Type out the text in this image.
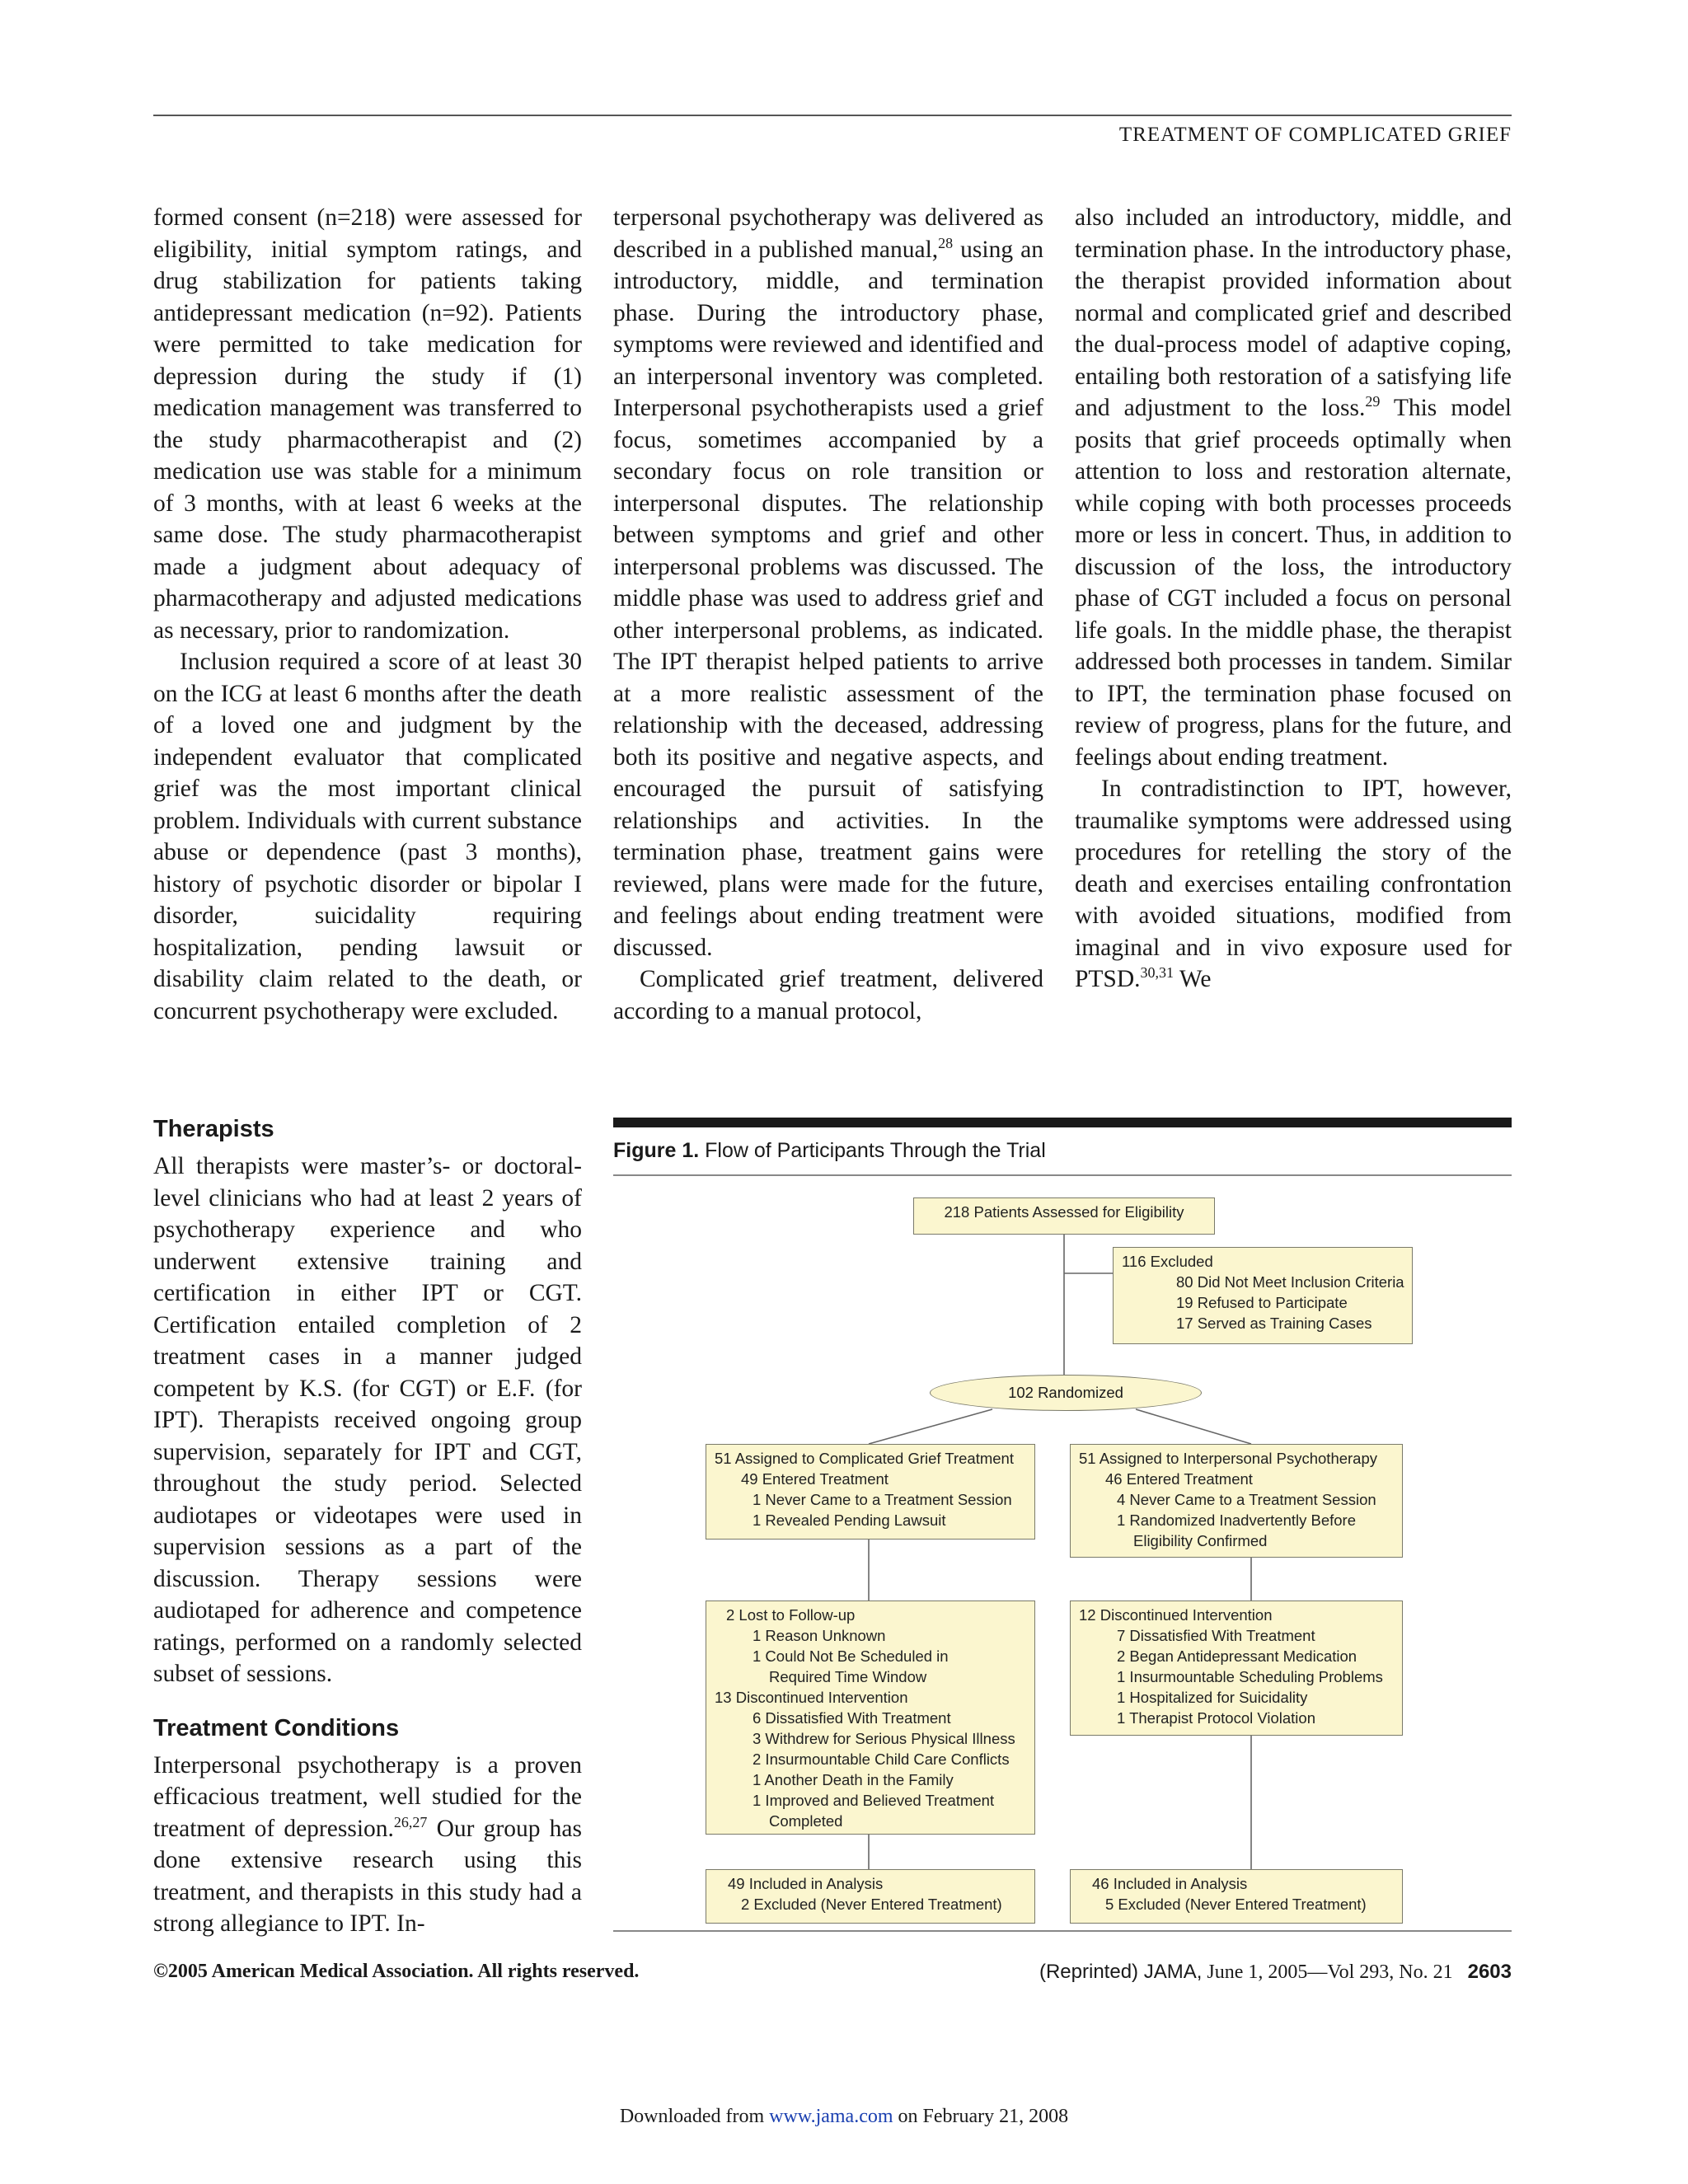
TREATMENT OF COMPLICATED GRIEF

formed consent (n=218) were assessed for eligibility, initial symptom ratings, and drug stabilization for patients taking antidepressant medication (n=92). Patients were permitted to take medication for depression during the study if (1) medication management was transferred to the study pharmacotherapist and (2) medication use was stable for a minimum of 3 months, with at least 6 weeks at the same dose. The study pharmacotherapist made a judgment about adequacy of pharmacotherapy and adjusted medications as necessary, prior to randomization.

Inclusion required a score of at least 30 on the ICG at least 6 months after the death of a loved one and judgment by the independent evaluator that complicated grief was the most important clinical problem. Individuals with current substance abuse or dependence (past 3 months), history of psychotic disorder or bipolar I disorder, suicidality requiring hospitalization, pending lawsuit or disability claim related to the death, or concurrent psychotherapy were excluded.

Therapists

All therapists were master’s- or doctoral-level clinicians who had at least 2 years of psychotherapy experience and who underwent extensive training and certification in either IPT or CGT. Certification entailed completion of 2 treatment cases in a manner judged competent by K.S. (for CGT) or E.F. (for IPT). Therapists received ongoing group supervision, separately for IPT and CGT, throughout the study period. Selected audiotapes or videotapes were used in supervision sessions as a part of the discussion. Therapy sessions were audiotaped for adherence and competence ratings, performed on a randomly selected subset of sessions.

Treatment Conditions

Interpersonal psychotherapy is a proven efficacious treatment, well studied for the treatment of depression.$^{26,27}$ Our group has done extensive research using this treatment, and therapists in this study had a strong allegiance to IPT. In-

terpersonal psychotherapy was delivered as described in a published manual,$^{28}$ using an introductory, middle, and termination phase. During the introductory phase, symptoms were reviewed and identified and an interpersonal inventory was completed. Interpersonal psychotherapists used a grief focus, sometimes accompanied by a secondary focus on role transition or interpersonal disputes. The relationship between symptoms and grief and other interpersonal problems was discussed. The middle phase was used to address grief and other interpersonal problems, as indicated. The IPT therapist helped patients to arrive at a more realistic assessment of the relationship with the deceased, addressing both its positive and negative aspects, and encouraged the pursuit of satisfying relationships and activities. In the termination phase, treatment gains were reviewed, plans were made for the future, and feelings about ending treatment were discussed.

Complicated grief treatment, delivered according to a manual protocol,

also included an introductory, middle, and termination phase. In the introductory phase, the therapist provided information about normal and complicated grief and described the dual-process model of adaptive coping, entailing both restoration of a satisfying life and adjustment to the loss.$^{29}$ This model posits that grief proceeds optimally when attention to loss and restoration alternate, while coping with both processes proceeds more or less in concert. Thus, in addition to discussion of the loss, the introductory phase of CGT included a focus on personal life goals. In the middle phase, the therapist addressed both processes in tandem. Similar to IPT, the termination phase focused on review of progress, plans for the future, and feelings about ending treatment.

In contradistinction to IPT, however, traumalike symptoms were addressed using procedures for retelling the story of the death and exercises entailing confrontation with avoided situations, modified from imaginal and in vivo exposure used for PTSD.$^{30,31}$ We

Figure 1. Flow of Participants Through the Trial
218 Patients Assessed for Eligibility
116 Excluded
80 Did Not Meet Inclusion Criteria
19 Refused to Participate
17 Served as Training Cases
102 Randomized
51 Assigned to Complicated Grief Treatment
49 Entered Treatment
1 Never Came to a Treatment Session
1 Revealed Pending Lawsuit
51 Assigned to Interpersonal Psychotherapy
46 Entered Treatment
4 Never Came to a Treatment Session
1 Randomized Inadvertently Before
Eligibility Confirmed
2 Lost to Follow-up
1 Reason Unknown
1 Could Not Be Scheduled in
Required Time Window
13 Discontinued Intervention
6 Dissatisfied With Treatment
3 Withdrew for Serious Physical Illness
2 Insurmountable Child Care Conflicts
1 Another Death in the Family
1 Improved and Believed Treatment
Completed
12 Discontinued Intervention
7 Dissatisfied With Treatment
2 Began Antidepressant Medication
1 Insurmountable Scheduling Problems
1 Hospitalized for Suicidality
1 Therapist Protocol Violation
49 Included in Analysis
2 Excluded (Never Entered Treatment)
46 Included in Analysis
5 Excluded (Never Entered Treatment)
©2005 American Medical Association. All rights reserved.	(Reprinted) JAMA, June 1, 2005—Vol 293, No. 21 2603
Downloaded from www.jama.com on February 21, 2008
